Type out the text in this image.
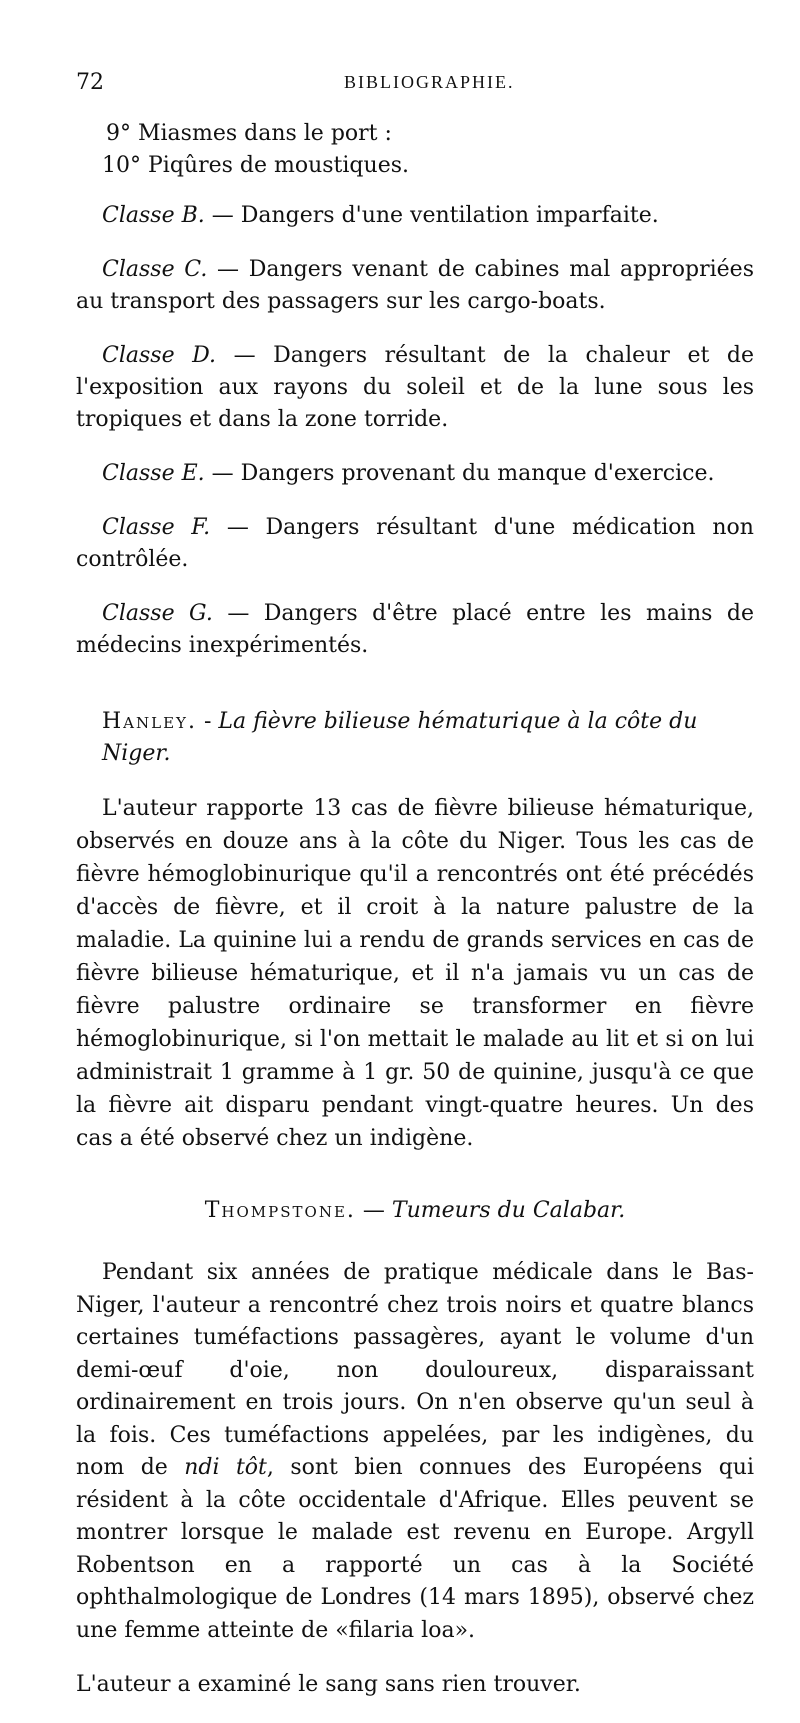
72	BIBLIOGRAPHIE.

9° Miasmes dans le port :

10° Piqûres de moustiques.

Classe B. — Dangers d'une ventilation imparfaite.

Classe C. — Dangers venant de cabines mal appropriées au transport des passagers sur les cargo-boats.

Classe D. — Dangers résultant de la chaleur et de l'exposition aux rayons du soleil et de la lune sous les tropiques et dans la zone torride.

Classe E. — Dangers provenant du manque d'exercice.

Classe F. — Dangers résultant d'une médication non contrôlée.

Classe G. — Dangers d'être placé entre les mains de médecins inexpérimentés.

Hanley. - La fièvre bilieuse hématurique à la côte du Niger.

L'auteur rapporte 13 cas de fièvre bilieuse hématurique, observés en douze ans à la côte du Niger. Tous les cas de fièvre hémoglobinurique qu'il a rencontrés ont été précédés d'accès de fièvre, et il croit à la nature palustre de la maladie. La quinine lui a rendu de grands services en cas de fièvre bilieuse hématurique, et il n'a jamais vu un cas de fièvre palustre ordinaire se transformer en fièvre hémoglobinurique, si l'on mettait le malade au lit et si on lui administrait 1 gramme à 1 gr. 50 de quinine, jusqu'à ce que la fièvre ait disparu pendant vingt-quatre heures. Un des cas a été observé chez un indigène.

Thompstone. — Tumeurs du Calabar.

Pendant six années de pratique médicale dans le Bas-Niger, l'auteur a rencontré chez trois noirs et quatre blancs certaines tuméfactions passagères, ayant le volume d'un demi-œuf d'oie, non douloureux, disparaissant ordinairement en trois jours. On n'en observe qu'un seul à la fois. Ces tuméfactions appelées, par les indigènes, du nom de ndi tôt, sont bien connues des Européens qui résident à la côte occidentale d'Afrique. Elles peuvent se montrer lorsque le malade est revenu en Europe. Argyll Robentson en a rapporté un cas à la Société ophthalmologique de Londres (14 mars 1895), observé chez une femme atteinte de «filaria loa».

L'auteur a examiné le sang sans rien trouver.
